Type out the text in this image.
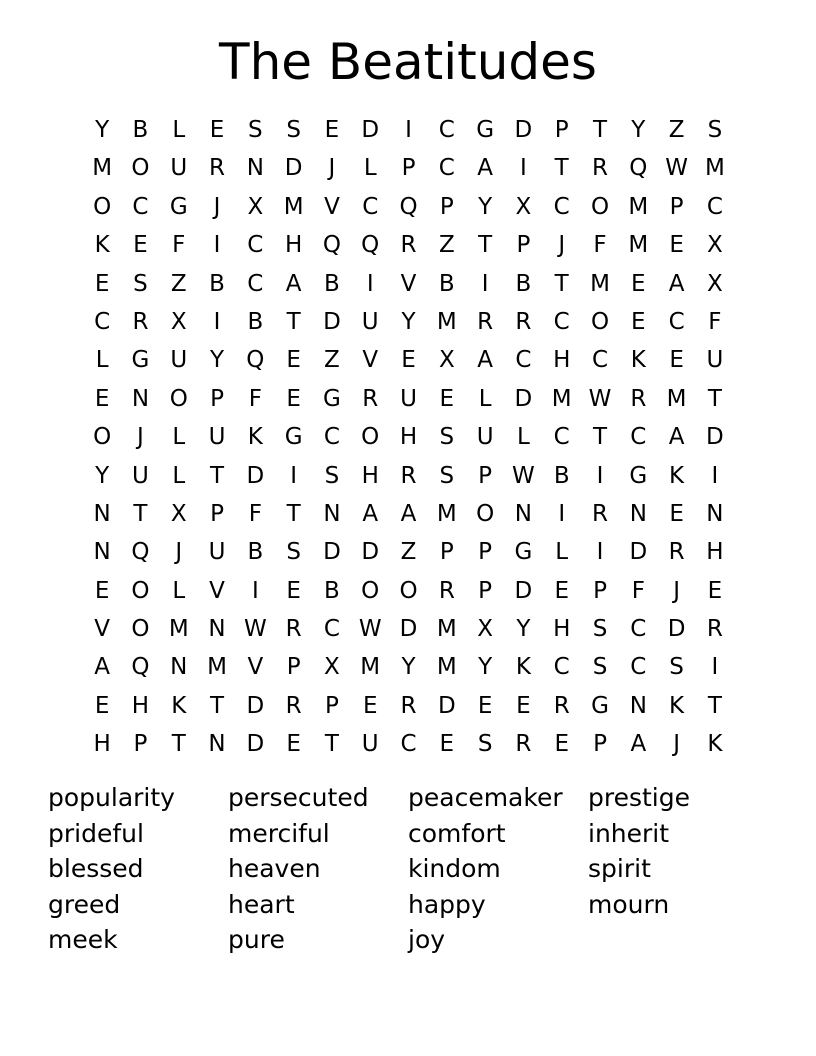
The Beatitudes
Y	B	L	E	S	S	E D	I	C G D P	T	Y	Z	S
M O U R N D	J	L	P	C A	I	T	R Q W M
O C G	J	X M V C Q P	Y	X C O M P	C
K	E	F	I	C H Q Q R Z	T	P	J	F M E	X
E	S	Z B C A B	I	V B	I	B	T M E	A X
C R X	I	B	T D U Y M R R C O E C	F
L G U Y Q E	Z V	E	X A C H C K	E U
E N O P	F	E G R U E	L	D M W R M T
O	J	L	U K G C O H S U	L	C	T	C A D
Y U	L	T D	I	S H R	S	P W B	I	G K	I
N T	X	P	F	T N A A M O N	I	R N E N
N Q	J	U B	S D D Z	P	P G L	I	D R H
E O L	V	I	E	B O O R	P D E	P	F	J	E
V O M N W R C W D M X	Y H S C D R
A Q N M V	P	X M Y M Y	K C S C S	I
E H K	T D R	P	E	R D E	E	R G N K	T
H P	T N D E	T U C	E	S	R	E	P	A	J	K
popularity	persecuted	peacemaker	prestige
prideful	merciful	comfort	inherit
blessed	heaven	kindom	spirit
greed	heart	happy	mourn
meek	pure	joy
